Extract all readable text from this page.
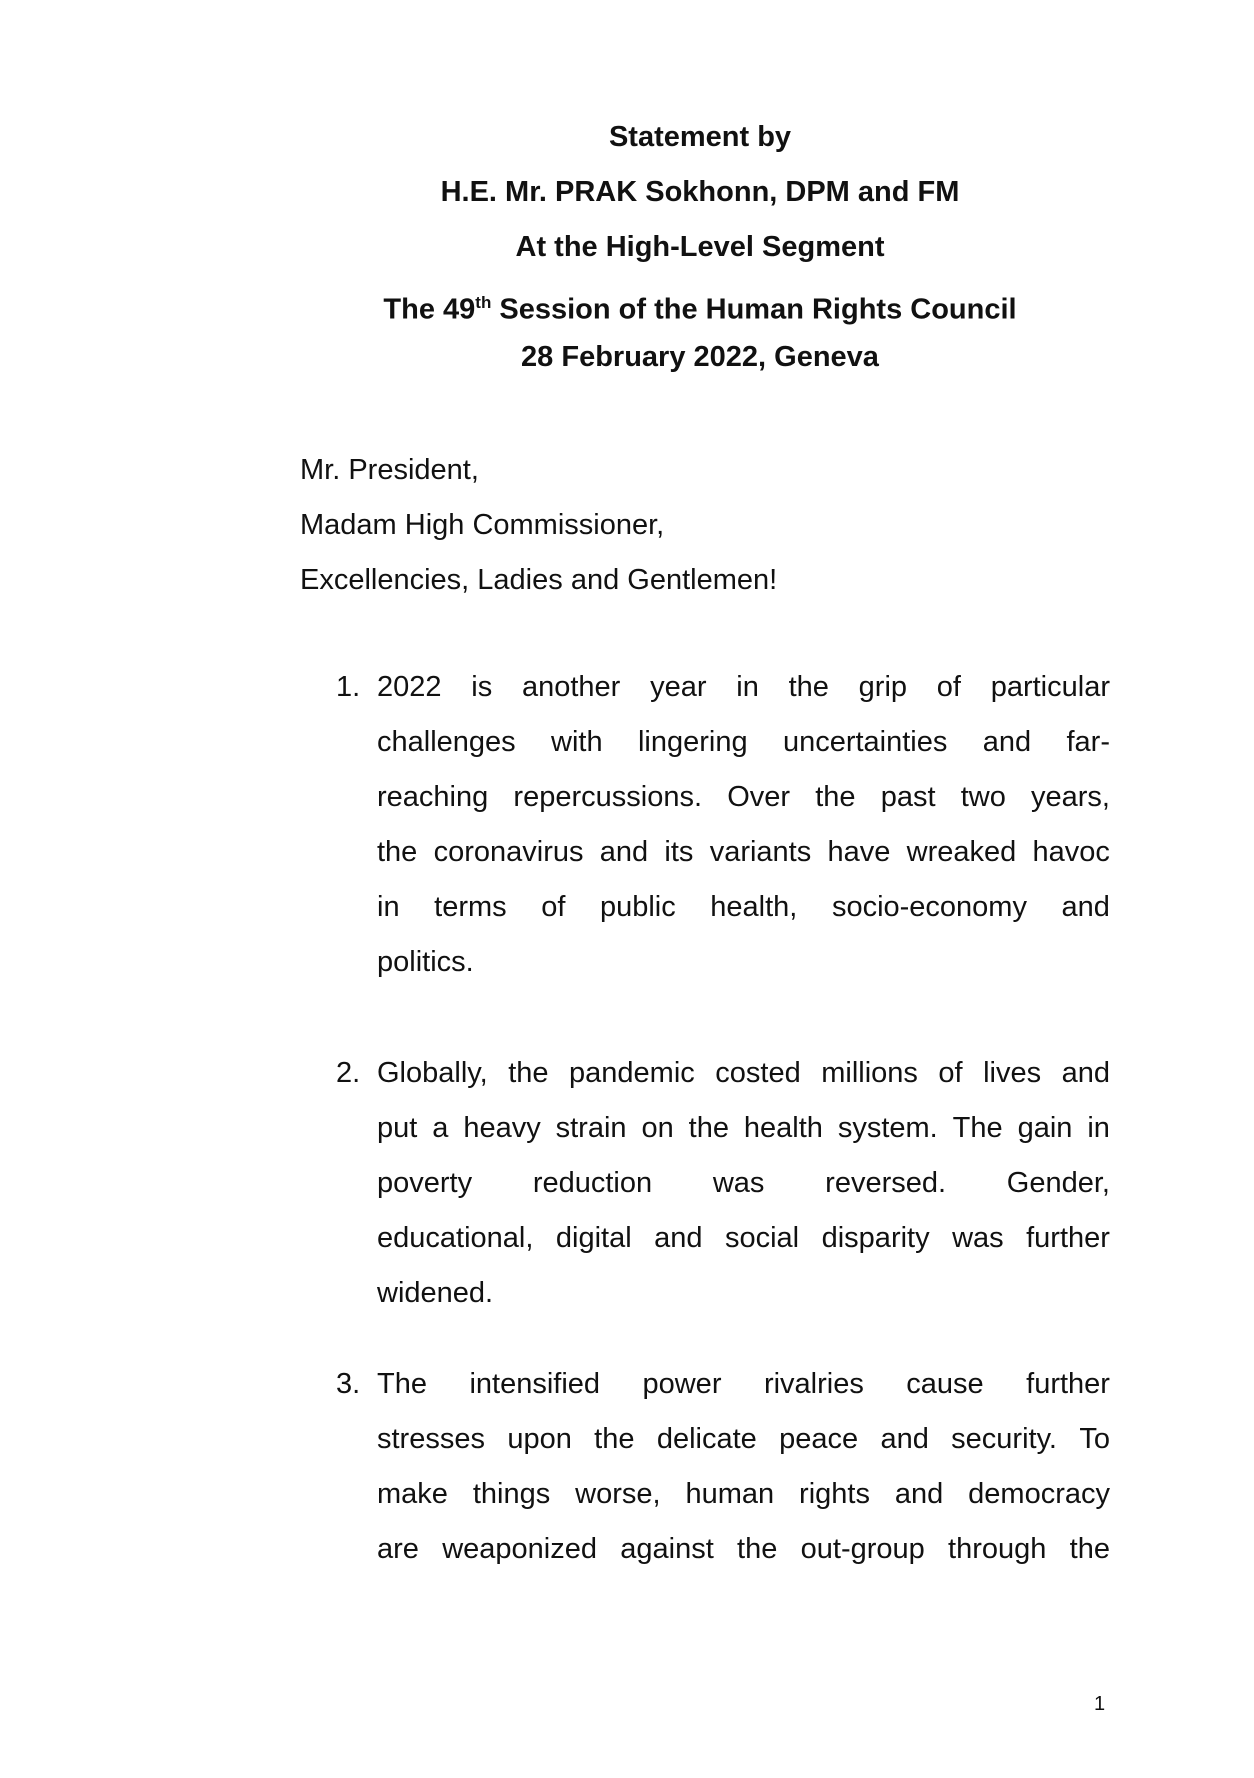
Statement by
H.E. Mr. PRAK Sokhonn, DPM and FM
At the High-Level Segment
The 49th Session of the Human Rights Council
28 February 2022, Geneva
Mr. President,
Madam High Commissioner,
Excellencies, Ladies and Gentlemen!
1. 2022 is another year in the grip of particular
challenges with lingering uncertainties and far-
reaching repercussions. Over the past two years,
the coronavirus and its variants have wreaked havoc
in terms of public health, socio-economy and
politics.
2. Globally, the pandemic costed millions of lives and
put a heavy strain on the health system. The gain in
poverty reduction was reversed. Gender,
educational, digital and social disparity was further
widened.
3. The intensified power rivalries cause further
stresses upon the delicate peace and security. To
make things worse, human rights and democracy
are weaponized against the out-group through the
1
